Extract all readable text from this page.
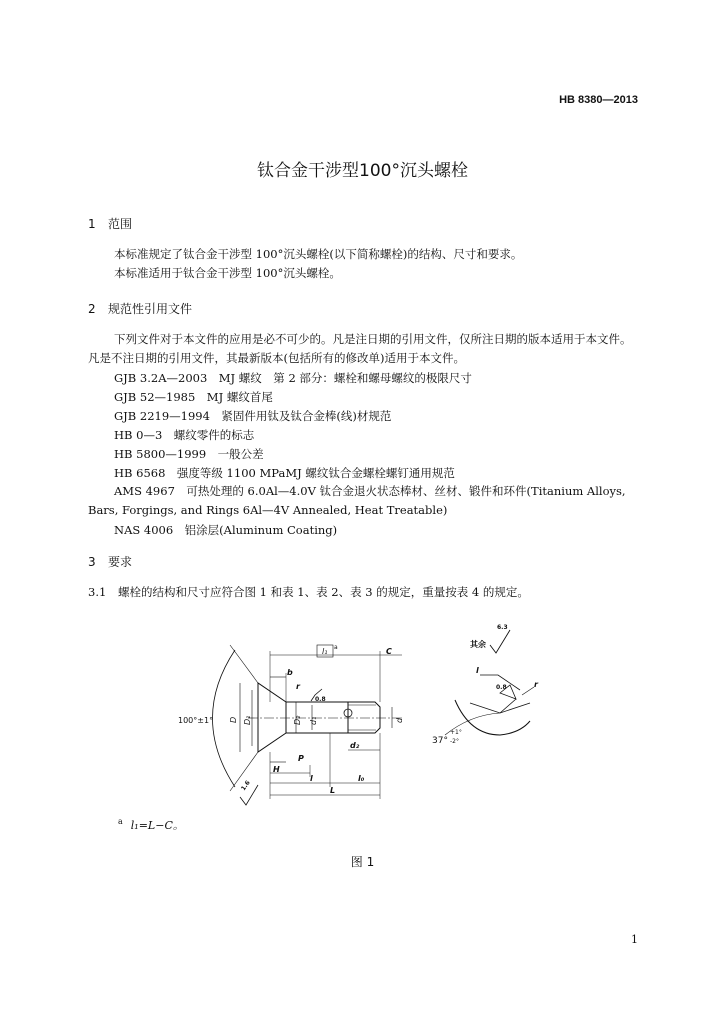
HB 8380—2013
钛合金干涉型100°沉头螺栓
1 范围
本标准规定了钛合金干涉型 100°沉头螺栓(以下简称螺栓)的结构、尺寸和要求。
本标准适用于钛合金干涉型 100°沉头螺栓。
2 规范性引用文件
下列文件对于本文件的应用是必不可少的。凡是注日期的引用文件，仅所注日期的版本适用于本文件。凡是不注日期的引用文件，其最新版本(包括所有的修改单)适用于本文件。
GJB 3.2A—2003　MJ 螺纹　第 2 部分：螺栓和螺母螺纹的极限尺寸
GJB 52—1985　MJ 螺纹首尾
GJB 2219—1994　紧固件用钛及钛合金棒(线)材规范
HB 0—3　螺纹零件的标志
HB 5800—1999　一般公差
HB 6568　强度等级 1100 MPaMJ 螺纹钛合金螺栓螺钉通用规范
AMS 4967　可热处理的 6.0Al—4.0V 钛合金退火状态棒材、丝材、锻件和环件(Titanium Alloys, Bars, Forgings, and Rings 6Al—4V Annealed, Heat Treatable)
NAS 4006　铝涂层(Aluminum Coating)
3 要求
3.1 螺栓的结构和尺寸应符合图 1 和表 1、表 2、表 3 的规定，重量按表 4 的规定。
l₁ a	C
b
r
0.8
100°±1° D D₁	D₂ d₁	d
d₂
P
H
l	l₀
L
1.6
其余
6.3
l
0.8	r
37°
+1°
-2°
$^a$ l₁=L−C。
图 1
1
